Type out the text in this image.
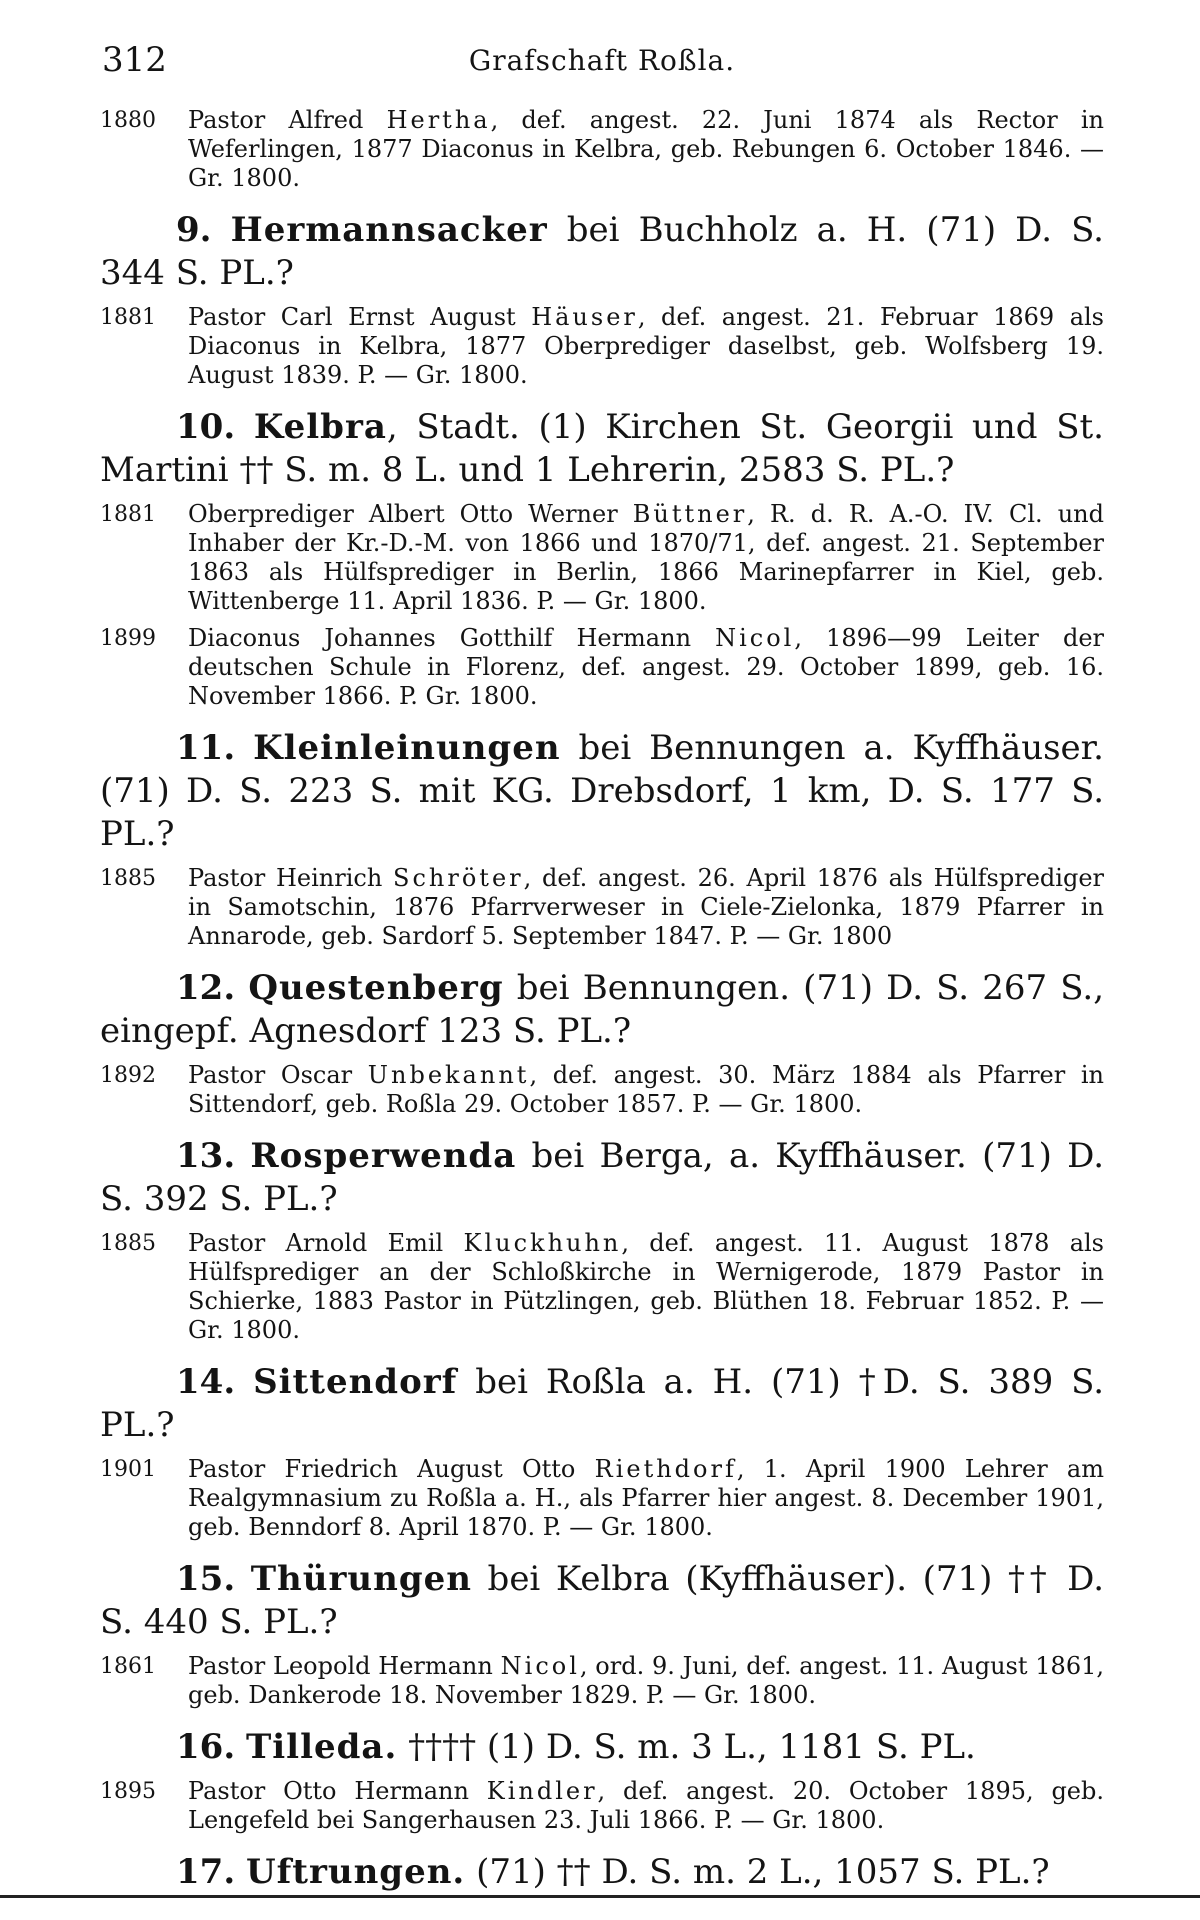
312	Grafschaft Roßla.
1880 Pastor Alfred Hertha, def. angest. 22. Juni 1874 als Rector in Weferlingen, 1877 Diaconus in Kelbra, geb. Rebungen 6. October 1846. — Gr. 1800.
9. Hermannsacker bei Buchholz a. H. (71) D. S. 344 S. PL.?
1881 Pastor Carl Ernst August Häuser, def. angest. 21. Februar 1869 als Diaconus in Kelbra, 1877 Oberprediger daselbst, geb. Wolfsberg 19. August 1839. P. — Gr. 1800.
10. Kelbra, Stadt. (1) Kirchen St. Georgii und St. Martini †† S. m. 8 L. und 1 Lehrerin, 2583 S. PL.?
1881 Oberprediger Albert Otto Werner Büttner, R. d. R. A.-O. IV. Cl. und Inhaber der Kr.-D.-M. von 1866 und 1870/71, def. angest. 21. September 1863 als Hülfsprediger in Berlin, 1866 Marinepfarrer in Kiel, geb. Wittenberge 11. April 1836. P. — Gr. 1800.
1899 Diaconus Johannes Gotthilf Hermann Nicol, 1896—99 Leiter der deutschen Schule in Florenz, def. angest. 29. October 1899, geb. 16. November 1866. P. Gr. 1800.
11. Kleinleinungen bei Bennungen a. Kyffhäuser. (71) D. S. 223 S. mit KG. Drebsdorf, 1 km, D. S. 177 S. PL.?
1885 Pastor Heinrich Schröter, def. angest. 26. April 1876 als Hülfsprediger in Samotschin, 1876 Pfarrverweser in Ciele-Zielonka, 1879 Pfarrer in Annarode, geb. Sardorf 5. September 1847. P. — Gr. 1800
12. Questenberg bei Bennungen. (71) D. S. 267 S., eingepf. Agnesdorf 123 S. PL.?
1892 Pastor Oscar Unbekannt, def. angest. 30. März 1884 als Pfarrer in Sittendorf, geb. Roßla 29. October 1857. P. — Gr. 1800.
13. Rosperwenda bei Berga, a. Kyffhäuser. (71) D. S. 392 S. PL.?
1885 Pastor Arnold Emil Kluckhuhn, def. angest. 11. August 1878 als Hülfsprediger an der Schloßkirche in Wernigerode, 1879 Pastor in Schierke, 1883 Pastor in Pützlingen, geb. Blüthen 18. Februar 1852. P. — Gr. 1800.
14. Sittendorf bei Roßla a. H. (71) †D. S. 389 S. PL.?
1901 Pastor Friedrich August Otto Riethdorf, 1. April 1900 Lehrer am Realgymnasium zu Roßla a. H., als Pfarrer hier angest. 8. December 1901, geb. Benndorf 8. April 1870. P. — Gr. 1800.
15. Thürungen bei Kelbra (Kyffhäuser). (71) †† D. S. 440 S. PL.?
1861 Pastor Leopold Hermann Nicol, ord. 9. Juni, def. angest. 11. August 1861, geb. Dankerode 18. November 1829. P. — Gr. 1800.
16. Tilleda. †††† (1) D. S. m. 3 L., 1181 S. PL.
1895 Pastor Otto Hermann Kindler, def. angest. 20. October 1895, geb. Lengefeld bei Sangerhausen 23. Juli 1866. P. — Gr. 1800.
17. Uftrungen. (71) †† D. S. m. 2 L., 1057 S. PL.?
